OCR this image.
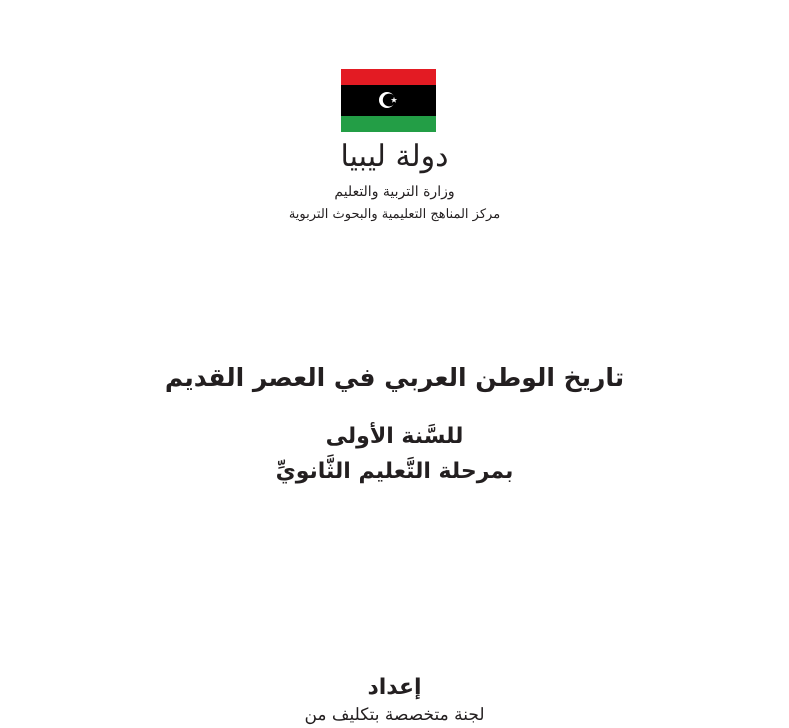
دولة ليبيا
وزارة التربية والتعليم
مركز المناهج التعليمية والبحوث التربوية
تاريخ الوطن العربي في العصر القديم
للسَّنة الأولى
بمرحلة التَّعليم الثَّانويِّ
إعداد
لجنة متخصصة بتكليف من
